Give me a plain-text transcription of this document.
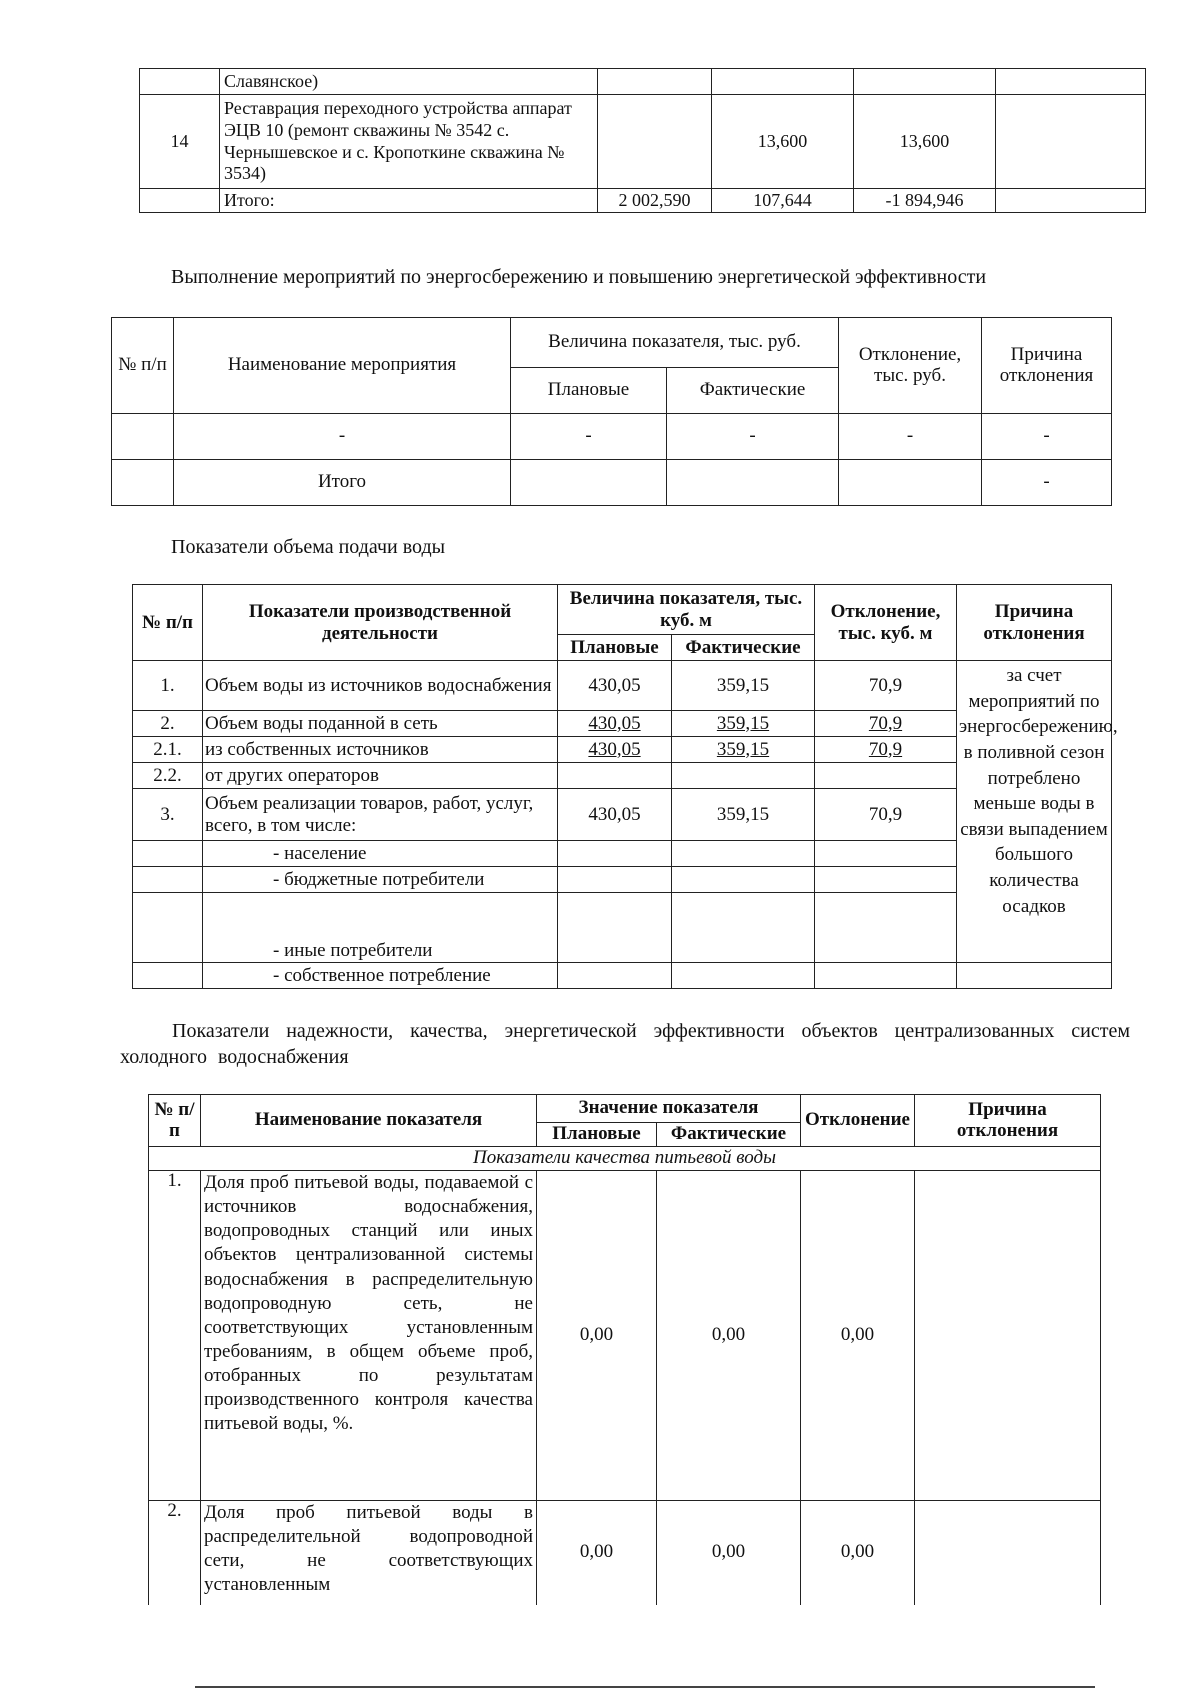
	Славянское)				
14	Реставрация переходного устройства аппарат ЭЦВ 10 (ремонт скважины № 3542 с. Чернышевское и с. Кропоткине скважина № 3534)		13,600	13,600	
	Итого:	2 002,590	107,644	-1 894,946	
Выполнение мероприятий по энергосбережению и повышению энергетической эффективности
№ п/п	Наименование мероприятия	Величина показателя, тыс. руб.		Отклонение, тыс. руб.	Причина отклонения
		Плановые	Фактические		
	-	-	-	-	-
	Итого				-
Показатели объема подачи воды
№ п/п	Показатели производственной деятельности	Величина показателя, тыс. куб. м		Отклонение, тыс. куб. м	Причина отклонения
		Плановые	Фактические		
1.	Объем воды из источников водоснабжения	430,05	359,15	70,9	за счет мероприятий по энергосбережению, в поливной сезон потреблено меньше воды в связи выпадением большого количества осадков
2.	Объем воды поданной в сеть	430,05	359,15	70,9	
2.1.	из собственных источников	430,05	359,15	70,9	
2.2.	от других операторов				
3.	Объем реализации товаров, работ, услуг, всего, в том числе:	430,05	359,15	70,9	
	- население				
	- бюджетные потребители				
	- иные потребители				
	- собственное потребление				
Показатели надежности, качества, энергетической эффективности объектов централизованных систем холодного водоснабжения
№ п/п	Наименование показателя	Значение показателя		Отклонение	Причина отклонения
		Плановые	Фактические		
Показатели качества питьевой воды					
1.	Доля проб питьевой воды, подаваемой с источников водоснабжения, водопроводных станций или иных объектов централизованной системы водоснабжения в распределительную водопроводную сеть, не соответствующих установленным требованиям, в общем объеме проб, отобранных по результатам производственного контроля качества питьевой воды, %.	0,00	0,00	0,00	
2.	Доля проб питьевой воды в распределительной водопроводной сети, не соответствующих установленным	0,00	0,00	0,00	
